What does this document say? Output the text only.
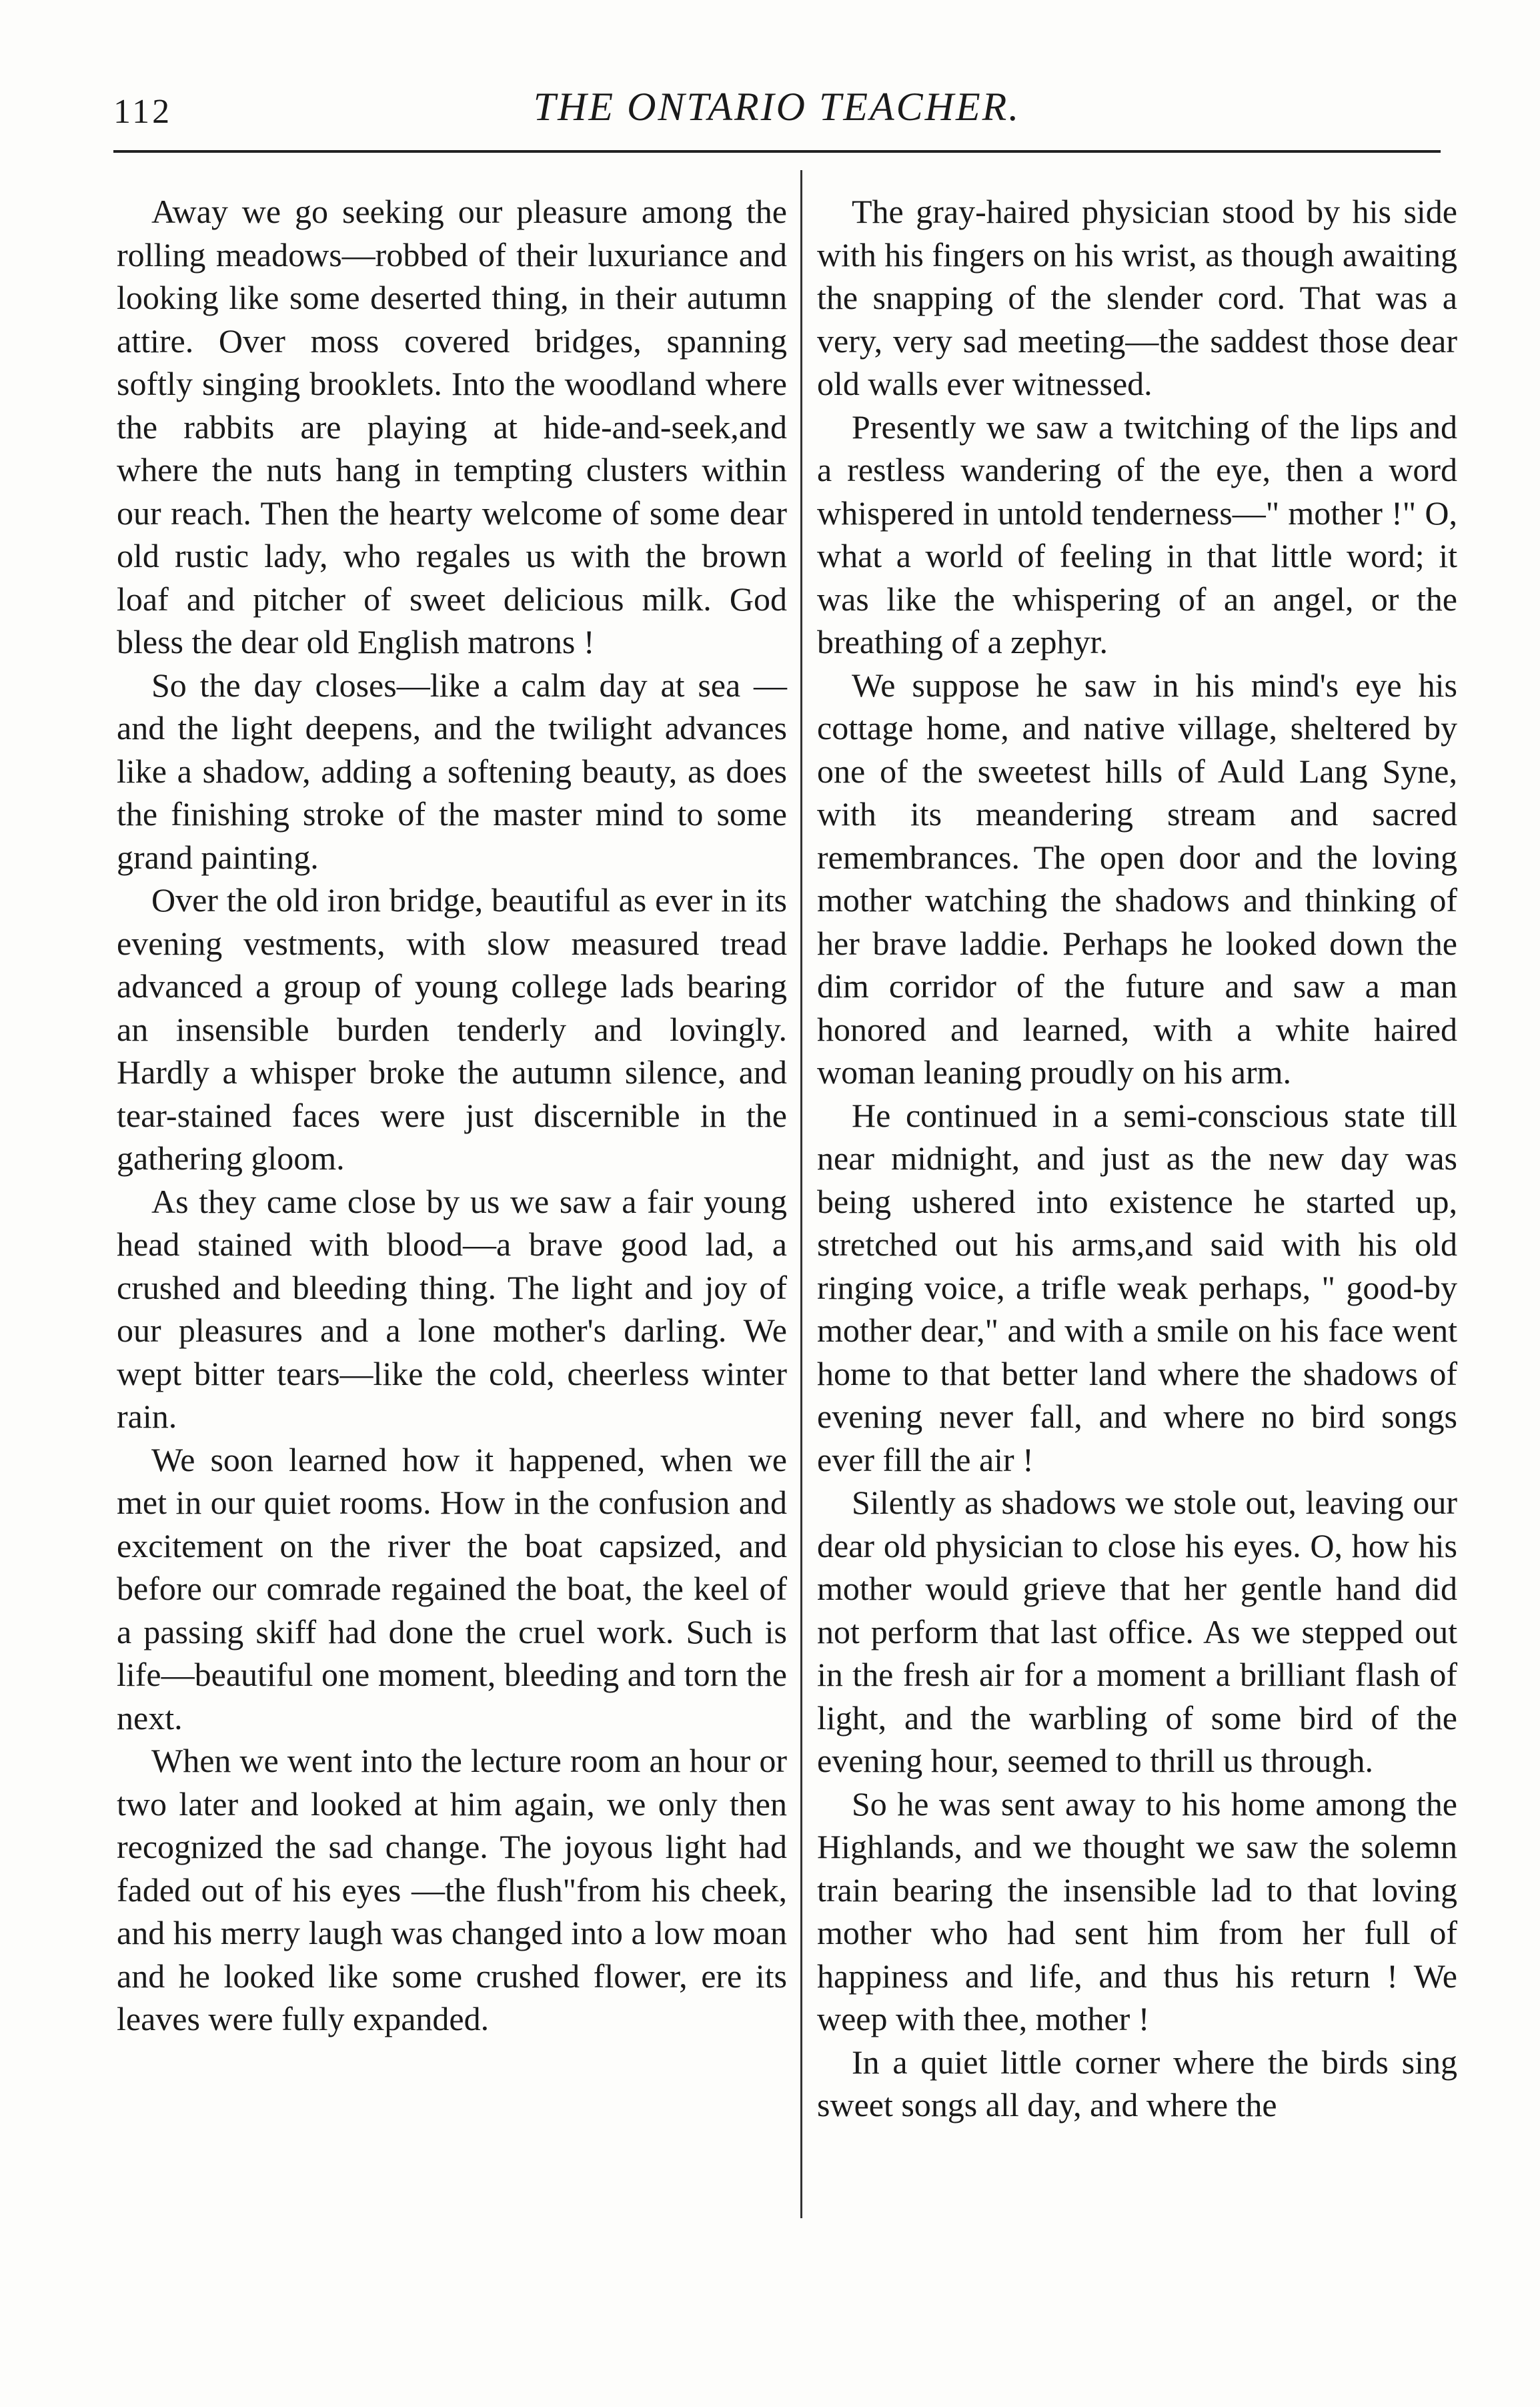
112	THE ONTARIO TEACHER.

Away we go seeking our pleasure among the rolling meadows—robbed of their luxuriance and looking like some deserted thing, in their autumn attire. Over moss covered bridges, spanning softly singing brooklets. Into the woodland where the rabbits are playing at hide-and-seek,and where the nuts hang in tempting clusters within our reach. Then the hearty welcome of some dear old rustic lady, who regales us with the brown loaf and pitcher of sweet delicious milk. God bless the dear old English matrons !

So the day closes—like a calm day at sea —and the light deepens, and the twilight advances like a shadow, adding a softening beauty, as does the finishing stroke of the master mind to some grand painting.

Over the old iron bridge, beautiful as ever in its evening vestments, with slow measured tread advanced a group of young college lads bearing an insensible burden tenderly and lovingly. Hardly a whisper broke the autumn silence, and tear-stained faces were just discernible in the gathering gloom.

As they came close by us we saw a fair young head stained with blood—a brave good lad, a crushed and bleeding thing. The light and joy of our pleasures and a lone mother's darling. We wept bitter tears—like the cold, cheerless winter rain.

We soon learned how it happened, when we met in our quiet rooms. How in the confusion and excitement on the river the boat capsized, and before our comrade regained the boat, the keel of a passing skiff had done the cruel work. Such is life—beautiful one moment, bleeding and torn the next.

When we went into the lecture room an hour or two later and looked at him again, we only then recognized the sad change. The joyous light had faded out of his eyes —the flush"from his cheek, and his merry laugh was changed into a low moan and he looked like some crushed flower, ere its leaves were fully expanded.

The gray-haired physician stood by his side with his fingers on his wrist, as though awaiting the snapping of the slender cord. That was a very, very sad meeting—the saddest those dear old walls ever witnessed.

Presently we saw a twitching of the lips and a restless wandering of the eye, then a word whispered in untold tenderness—" mother !" O, what a world of feeling in that little word; it was like the whispering of an angel, or the breathing of a zephyr.

We suppose he saw in his mind's eye his cottage home, and native village, sheltered by one of the sweetest hills of Auld Lang Syne, with its meandering stream and sacred remembrances. The open door and the loving mother watching the shadows and thinking of her brave laddie. Perhaps he looked down the dim corridor of the future and saw a man honored and learned, with a white haired woman leaning proudly on his arm.

He continued in a semi-conscious state till near midnight, and just as the new day was being ushered into existence he started up, stretched out his arms,and said with his old ringing voice, a trifle weak perhaps, " good-by mother dear," and with a smile on his face went home to that better land where the shadows of evening never fall, and where no bird songs ever fill the air !

Silently as shadows we stole out, leaving our dear old physician to close his eyes. O, how his mother would grieve that her gentle hand did not perform that last office. As we stepped out in the fresh air for a moment a brilliant flash of light, and the warbling of some bird of the evening hour, seemed to thrill us through.

So he was sent away to his home among the Highlands, and we thought we saw the solemn train bearing the insensible lad to that loving mother who had sent him from her full of happiness and life, and thus his return ! We weep with thee, mother !

In a quiet little corner where the birds sing sweet songs all day, and where the
